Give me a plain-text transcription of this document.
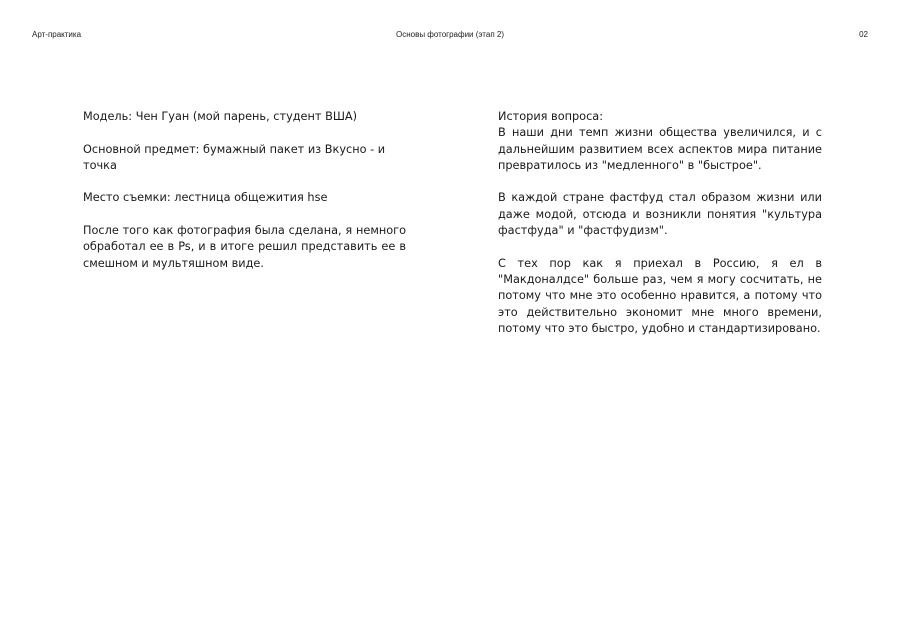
Арт-практика	Основы фотографии (этап 2)	02

Модель: Чен Гуан (мой парень, студент ВША)

Основной предмет: бумажный пакет из Вкусно - и точка

Место съемки: лестница общежития hse

После того как фотография была сделана, я немного обработал ее в Ps, и в итоге решил представить ее в смешном и мультяшном виде.

История вопроса:
В наши дни темп жизни общества увеличился, и с дальнейшим развитием всех аспектов мира питание превратилось из "медленного" в "быстрое".

В каждой стране фастфуд стал образом жизни или даже модой, отсюда и возникли понятия "культура фастфуда" и "фастфудизм".

С тех пор как я приехал в Россию, я ел в "Макдоналдсе" больше раз, чем я могу сосчитать, не потому что мне это особенно нравится, а потому что это действительно экономит мне много времени, потому что это быстро, удобно и стандартизировано.
